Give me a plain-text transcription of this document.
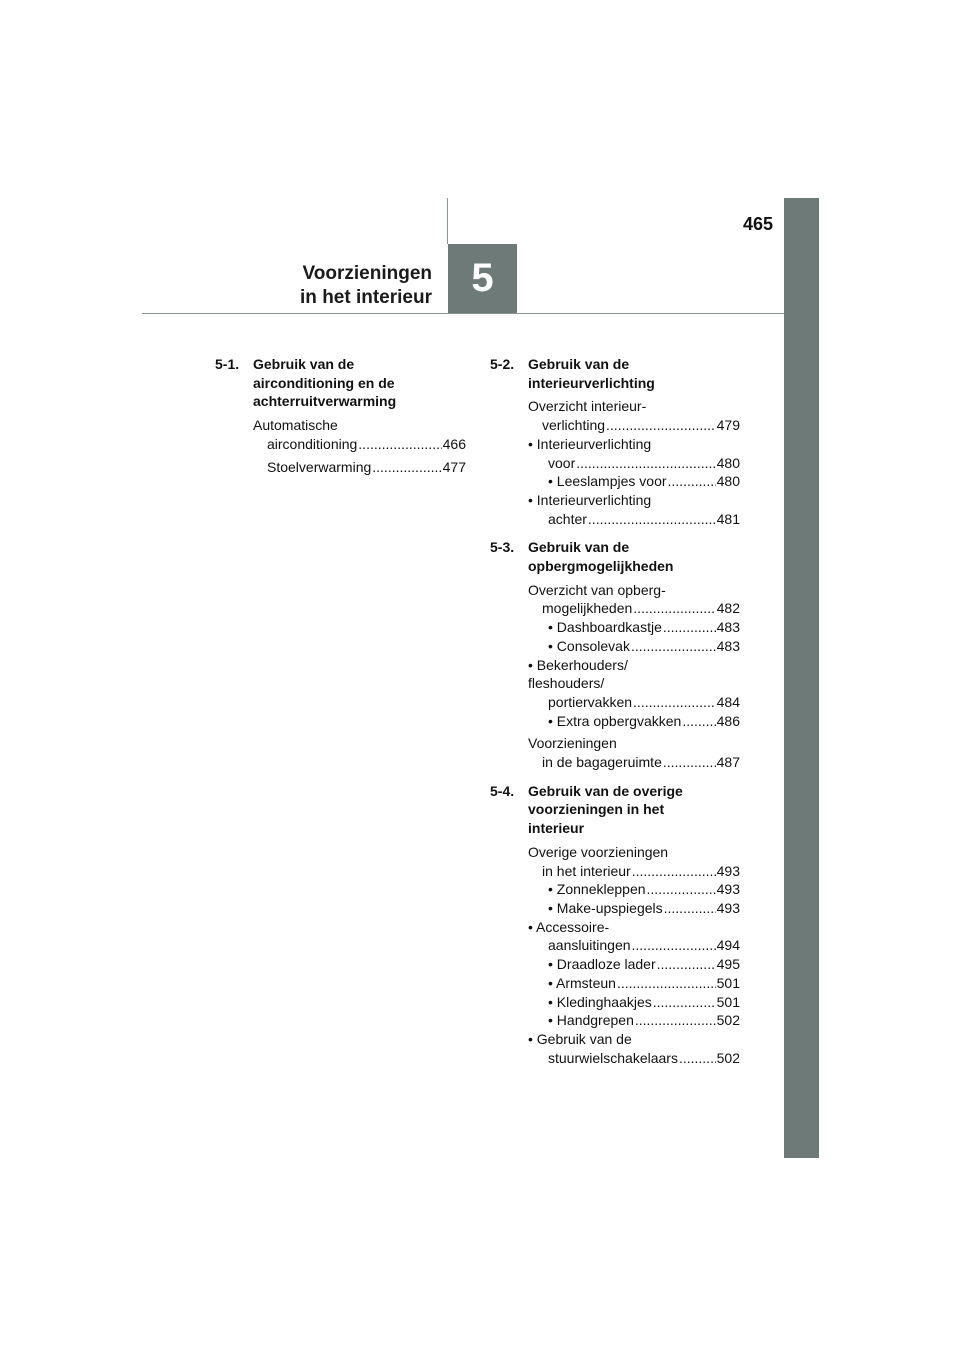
5
Voorzieningen
in het interieur
465
5-1. Gebruik van de
airconditioning en de
achterruitverwarming
Automatische
airconditioning .....	466
Stoelverwarming .....	477
5-2. Gebruik van de
interieurverlichting
Overzicht interieur-
verlichting .....	479
• Interieurverlichting
voor .....	480
• Leeslampjes voor .....	480
• Interieurverlichting
achter .....	481
5-3. Gebruik van de
opbergmogelijkheden
Overzicht van opberg-
mogelijkheden .....	482
• Dashboardkastje .....	483
• Consolevak .....	483
• Bekerhouders/
fleshouders/
portiervakken .....	484
• Extra opbergvakken .....	486
Voorzieningen
in de bagageruimte .....	487
5-4. Gebruik van de overige
voorzieningen in het
interieur
Overige voorzieningen
in het interieur .....	493
• Zonnekleppen .....	493
• Make-upspiegels .....	493
• Accessoire-
aansluitingen .....	494
• Draadloze lader .....	495
• Armsteun .....	501
• Kledinghaakjes .....	501
• Handgrepen .....	502
• Gebruik van de
stuurwielschakelaars .....	502
